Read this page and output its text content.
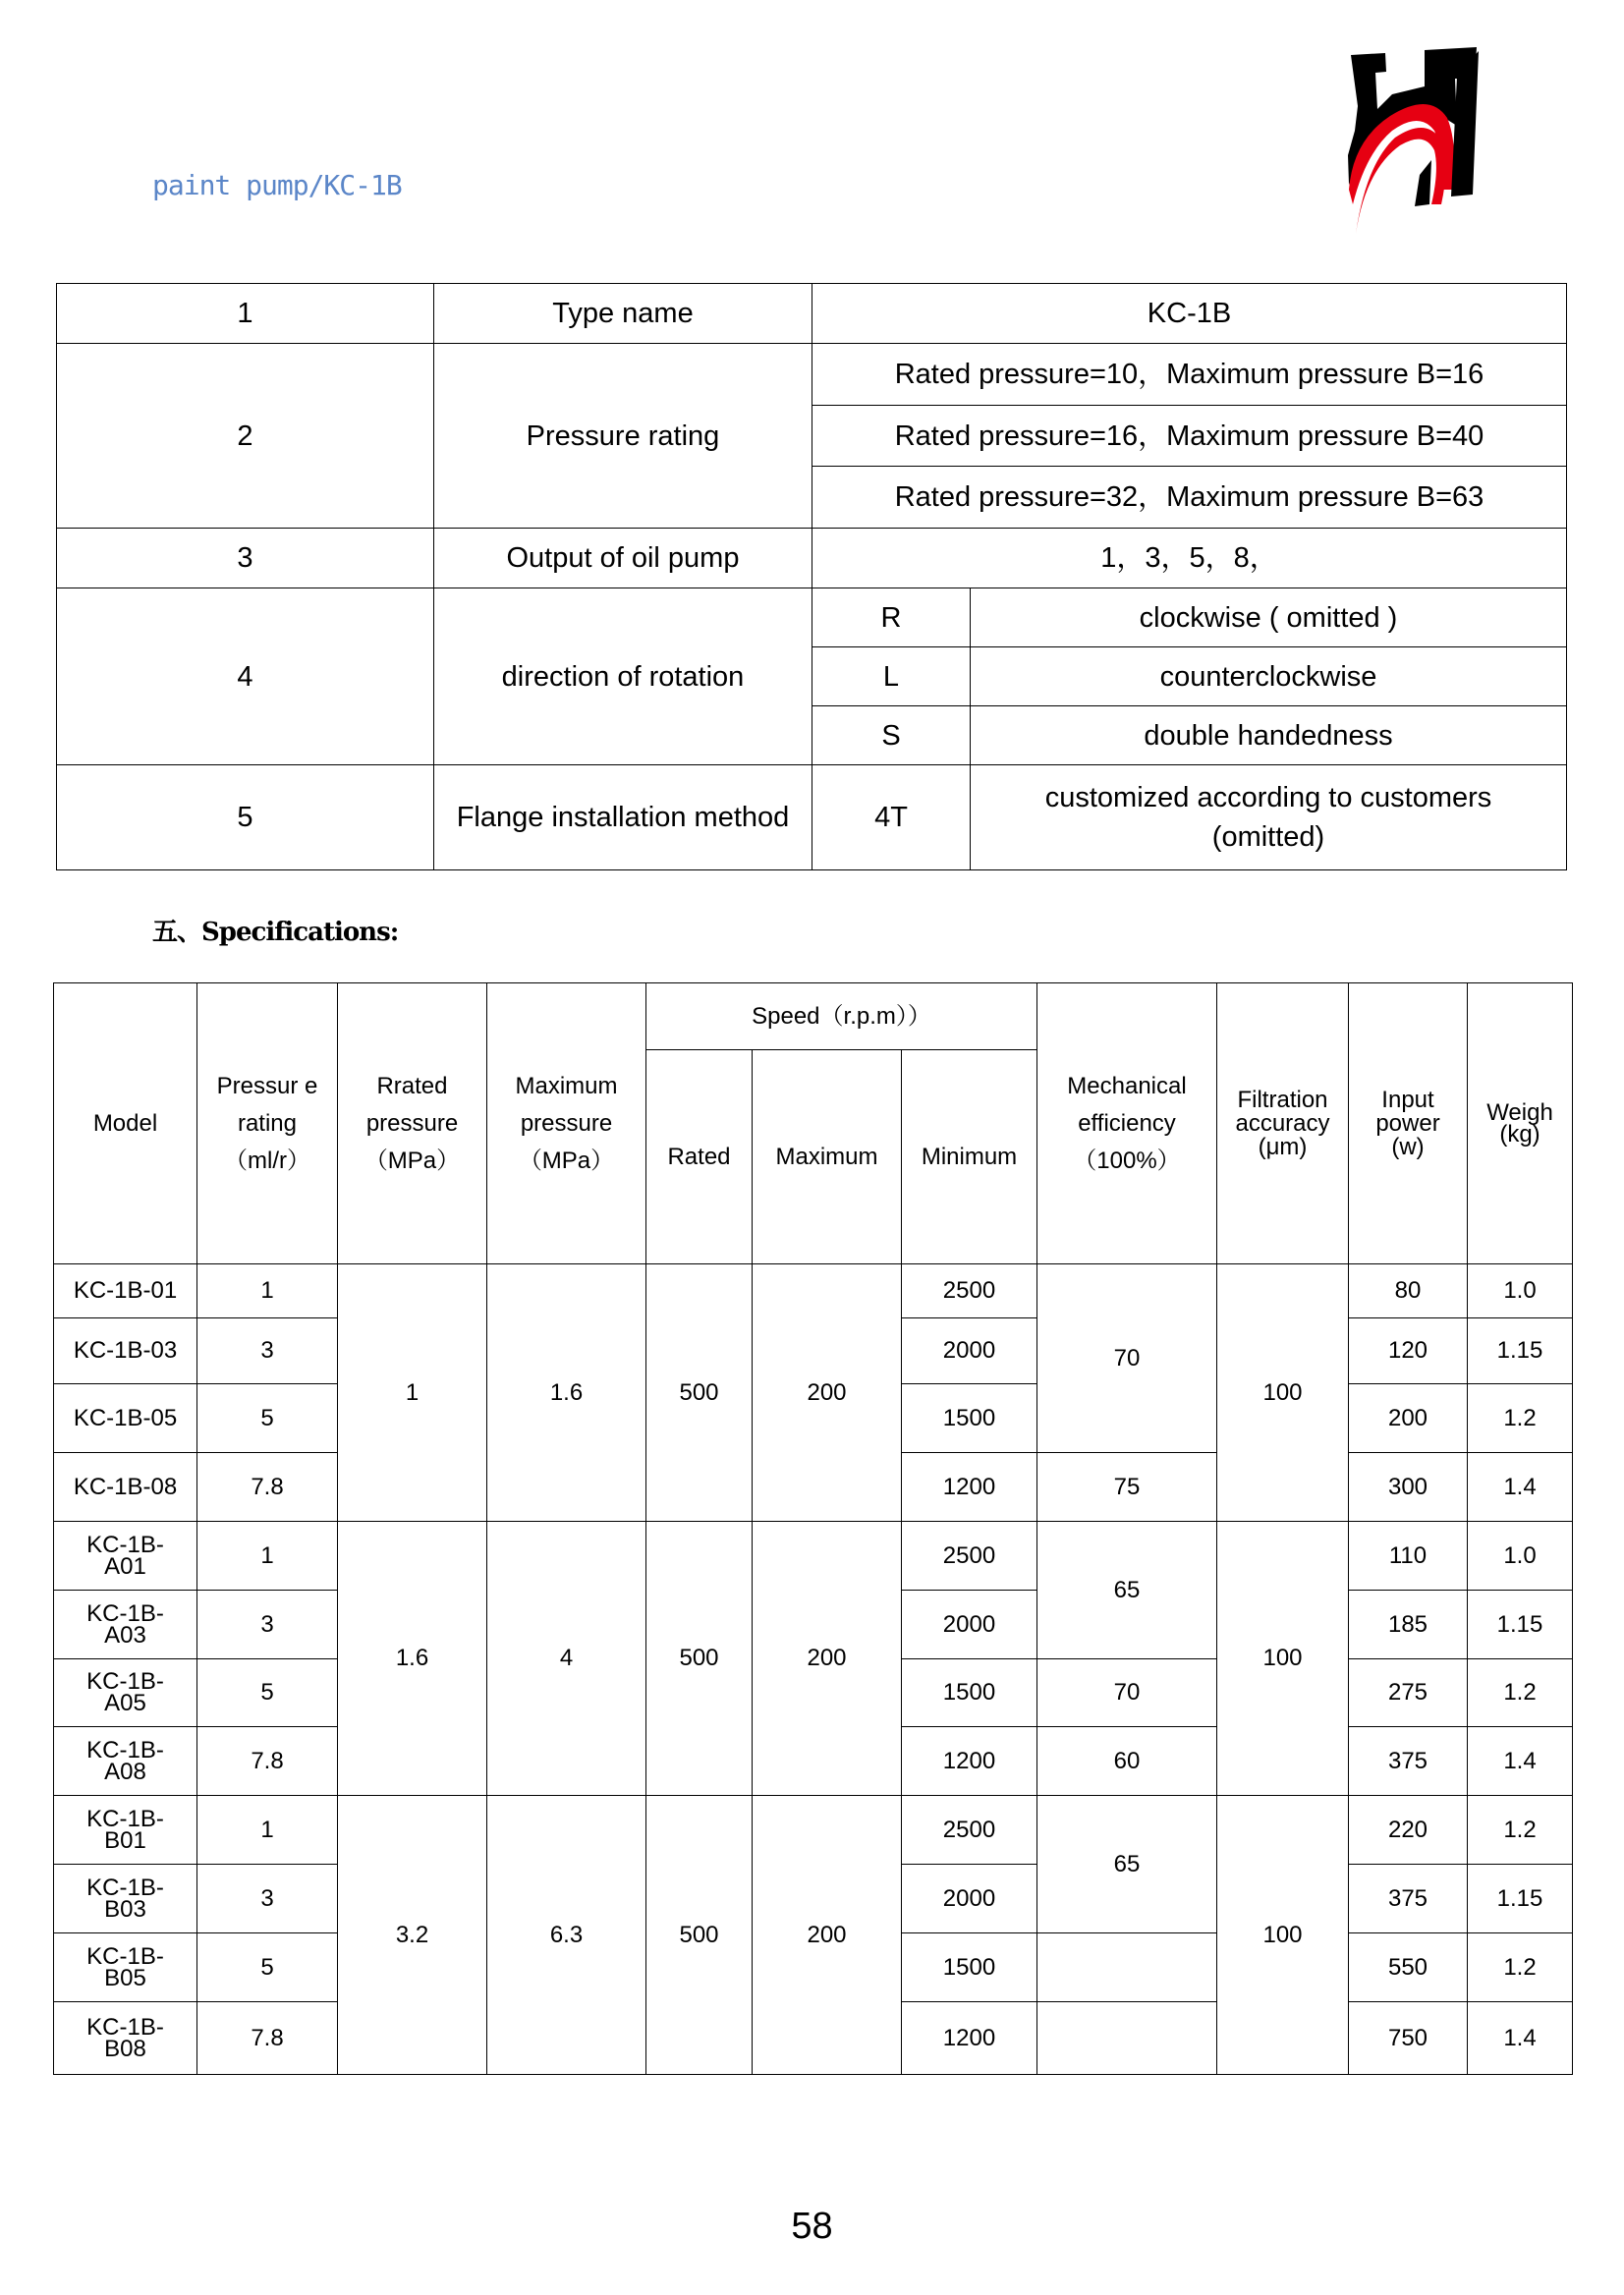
paint pump/KC-1B
1	Type name	KC-1B	
2	Pressure rating	Rated pressure=10，Maximum pressure B=16	
		Rated pressure=16，Maximum pressure B=40	
		Rated pressure=32，Maximum pressure B=63	
3	Output of oil pump	1，3，5，8，	
4	direction of rotation	R	clockwise ( omitted )
		L	counterclockwise
		S	double handedness
5	Flange installation method	4T	customized according to customers (omitted)
五、Specifications:
Model	Pressur e rating （ml/r）	Rrated pressure （MPa）	Maximum pressure （MPa）	Speed（r.p.m））			Mechanical efficiency （100%）	Filtration accuracy (μm)	Input power (w)	Weigh (kg)
				Rated	Maximum	Minimum				
KC-1B-01	1	1	1.6	500	200	2500	70	100	80	1.0
KC-1B-03	3					2000			120	1.15
KC-1B-05	5					1500			200	1.2
KC-1B-08	7.8					1200	75		300	1.4
KC-1B-A01	1	1.6	4	500	200	2500	65	100	110	1.0
KC-1B-A03	3					2000			185	1.15
KC-1B-A05	5					1500	70		275	1.2
KC-1B-A08	7.8					1200	60		375	1.4
KC-1B-B01	1	3.2	6.3	500	200	2500	65	100	220	1.2
KC-1B-B03	3					2000			375	1.15
KC-1B-B05	5					1500			550	1.2
KC-1B-B08	7.8					1200			750	1.4
58
